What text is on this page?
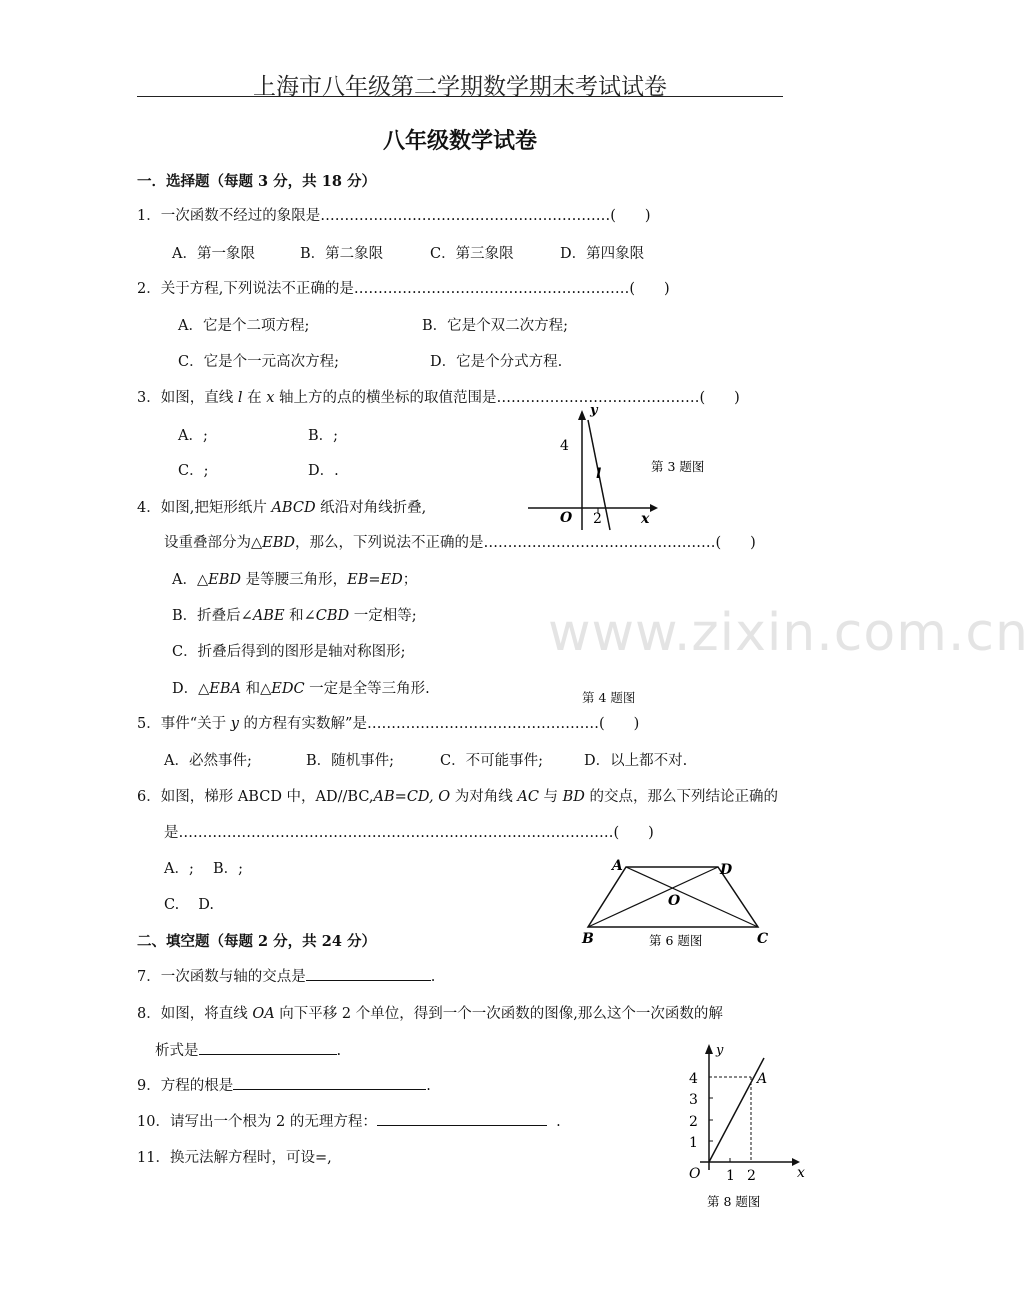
上海市八年级第二学期数学期末考试试卷
八年级数学试卷
www.zixin.com.cn
一．选择题（每题 3 分，共 18 分）
1．一次函数不经过的象限是……………………………………………………(　　)
A．第一象限	B．第二象限	C．第三象限	D．第四象限
2．关于方程,下列说法不正确的是…………………………………………………(　　)
A．它是个二项方程;	B．它是个双二次方程;
C．它是个一元高次方程;	D．它是个分式方程.
3．如图，直线 l 在 x 轴上方的点的横坐标的取值范围是……………………………………(　　)
A．;	B．;
C．;	D．.
y
4
l
O 2	x
第 3 题图
4．如图,把矩形纸片 ABCD 纸沿对角线折叠,
设重叠部分为△EBD，那么，下列说法不正确的是…………………………………………(　　)
A．△EBD 是等腰三角形，EB=ED；
B．折叠后∠ABE 和∠CBD 一定相等;
C．折叠后得到的图形是轴对称图形;
D．△EBA 和△EDC 一定是全等三角形.
第 4 题图
5．事件“关于 y 的方程有实数解”是…………………………………………(　　)
A．必然事件;	B．随机事件;	C．不可能事件;	D．以上都不对.
6．如图，梯形 ABCD 中，AD//BC,AB=CD, O 为对角线 AC 与 BD 的交点，那么下列结论正确的
是………………………………………………………………………………(　　)
A．;　 B．;
C.　 D.
A	D
O
B	C
第 6 题图
二、填空题（每题 2 分，共 24 分）
7．一次函数与轴的交点是	.
8．如图，将直线 OA 向下平移 2 个单位，得到一个一次函数的图像,那么这个一次函数的解
析式是	.	y
4
3
2
1
O 1 2	x
A
第 8 题图
9．方程的根是	.
10．请写出一个根为 2 的无理方程：	.
11．换元法解方程时，可设=,
